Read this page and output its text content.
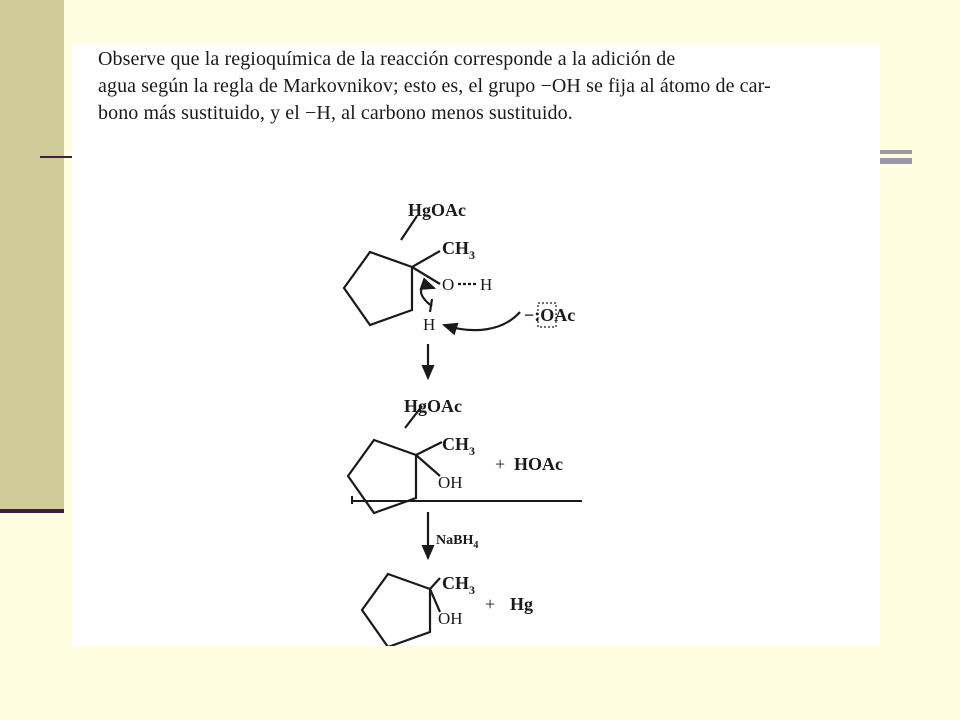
Observe que la regioquímica de la reacción corresponde a la adición de
agua según la regla de Markovnikov; esto es, el grupo −OH se fija al átomo de car-
bono más sustituido, y el −H, al carbono menos sustituido.

HgOAc
$CH_3$
O H
H	−:OAc
HgOAc
$CH_3$
OH
+ HOAc
NaBH$_4$
$CH_3$
OH
+ Hg
